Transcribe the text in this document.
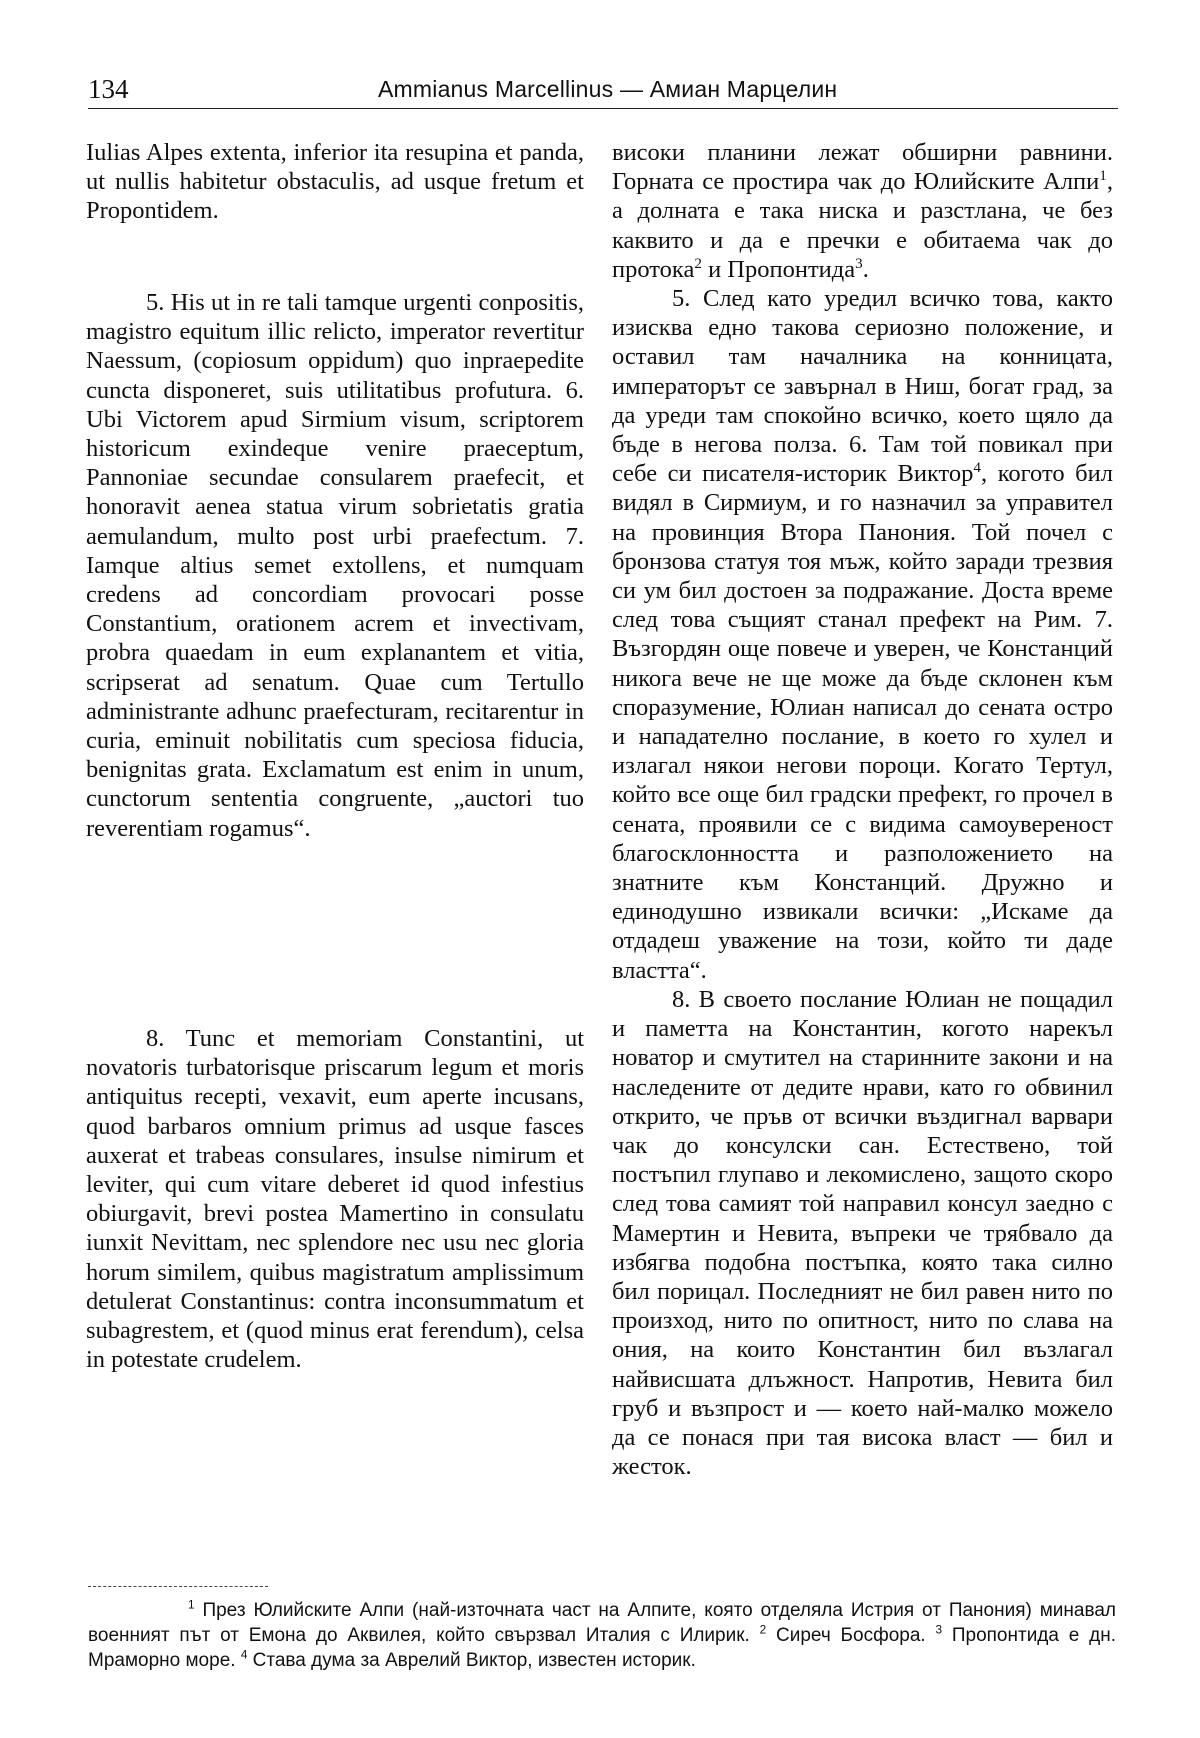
134	Ammianus Marcellinus — Амиан Марцелин

Iulias Alpes extenta, inferior ita resupina et panda, ut nullis habitetur obstaculis, ad usque fretum et Propontidem.

5. His ut in re tali tamque urgenti conpositis, magistro equitum illic relicto, imperator revertitur Naessum, (copiosum oppidum) quo inpraepedite cuncta disponeret, suis utilitatibus profutura. 6. Ubi Victorem apud Sirmium visum, scriptorem historicum exindeque venire praeceptum, Pannoniae secundae consularem praefecit, et honoravit aenea statua virum sobrietatis gratia aemulandum, multo post urbi praefectum. 7. Iamque altius semet extollens, et numquam credens ad concordiam provocari posse Constantium, orationem acrem et invectivam, probra quaedam in eum explanantem et vitia, scripserat ad senatum. Quae cum Tertullo administrante adhunc praefecturam, recitarentur in curia, eminuit nobilitatis cum speciosa fiducia, benignitas grata. Exclamatum est enim in unum, cunctorum sententia congruente, „auctori tuo reverentiam rogamus“.

8. Tunc et memoriam Constantini, ut novatoris turbatorisque priscarum legum et moris antiquitus recepti, vexavit, eum aperte incusans, quod barbaros omnium primus ad usque fasces auxerat et trabeas consulares, insulse nimirum et leviter, qui cum vitare deberet id quod infestius obiurgavit, brevi postea Mamertino in consulatu iunxit Nevittam, nec splendore nec usu nec gloria horum similem, quibus magistratum amplissimum detulerat Constantinus: contra inconsummatum et subagrestem, et (quod minus erat ferendum), celsa in potestate crudelem.

високи планини лежат обширни равнини. Горната се простира чак до Юлийските Алпи$^1$, а долната е така ниска и разстлана, че без каквито и да е пречки е обитаема чак до протока$^2$ и Пропонтида$^3$.

5. След като уредил всичко това, както изисква едно такова сериозно положение, и оставил там началника на конницата, императорът се завърнал в Ниш, богат град, за да уреди там спокойно всичко, което щяло да бъде в негова полза. 6. Там той повикал при себе си писателя-историк Виктор$^4$, когото бил видял в Сирмиум, и го назначил за управител на провинция Втора Панония. Той почел с бронзова статуя тоя мъж, който заради трезвия си ум бил достоен за подражание. Доста време след това същият станал префект на Рим. 7. Възгордян още повече и уверен, че Констанций никога вече не ще може да бъде склонен към споразумение, Юлиан написал до сената остро и нападателно послание, в което го хулел и излагал някои негови пороци. Когато Тертул, който все още бил градски префект, го прочел в сената, проявили се с видима самоувереност благосклонността и разположението на знатните към Констанций. Дружно и единодушно извикали всички: „Искаме да отдадеш уважение на този, който ти даде властта“.

8. В своето послание Юлиан не пощадил и паметта на Константин, когото нарекъл новатор и смутител на старинните закони и на наследените от дедите нрави, като го обвинил открито, че пръв от всички въздигнал варвари чак до консулски сан. Естествено, той постъпил глупаво и лекомислено, защото скоро след това самият той направил консул заедно с Мамертин и Невита, въпреки че трябвало да избягва подобна постъпка, която така силно бил порицал. Последният не бил равен нито по произход, нито по опитност, нито по слава на ония, на които Константин бил възлагал найвисшата длъжност. Напротив, Невита бил груб и възпрост и — което най-малко можело да се понася при тая висока власт — бил и жесток.

$^1$ През Юлийските Алпи (най-източната част на Алпите, която отделяла Истрия от Панония) минавал военният път от Емона до Аквилея, който свързвал Италия с Илирик. $^2$ Сиреч Босфора. $^3$ Пропонтида е дн. Мраморно море. $^4$ Става дума за Аврелий Виктор, известен историк.
